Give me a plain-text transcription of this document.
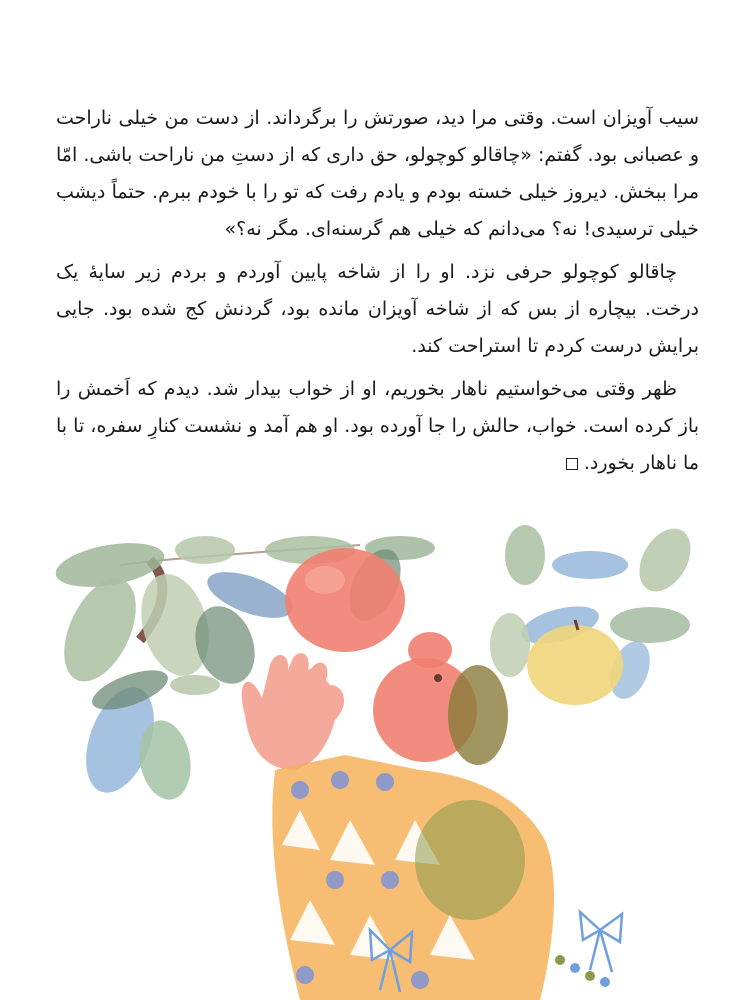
سیب آویزان است. وقتی مرا دید، صورتش را برگرداند. از دست من خیلی ناراحت و عصبانی بود. گفتم: «چاقالو کوچولو، حق داری که از دستِ من ناراحت باشی. امّا مرا ببخش. دیروز خیلی خسته بودم و یادم رفت که تو را با خودم ببرم. حتماً دیشب خیلی ترسیدی! نه؟ می‌دانم که خیلی هم گرسنه‌ای. مگر نه؟»

چاقالو کوچولو حرفی نزد. او را از شاخه پایین آوردم و بردم زیر سایهٔ یک درخت. بیچاره از بس که از شاخه آویزان مانده بود، گردنش کج شده بود. جایی برایش درست کردم تا استراحت کند.

ظهر وقتی می‌خواستیم ناهار بخوریم، او از خواب بیدار شد. دیدم که اَخمش را باز کرده است. خواب، حالش را جا آورده بود. او هم آمد و نشست کنارِ سفره، تا با ما ناهار بخورد.
